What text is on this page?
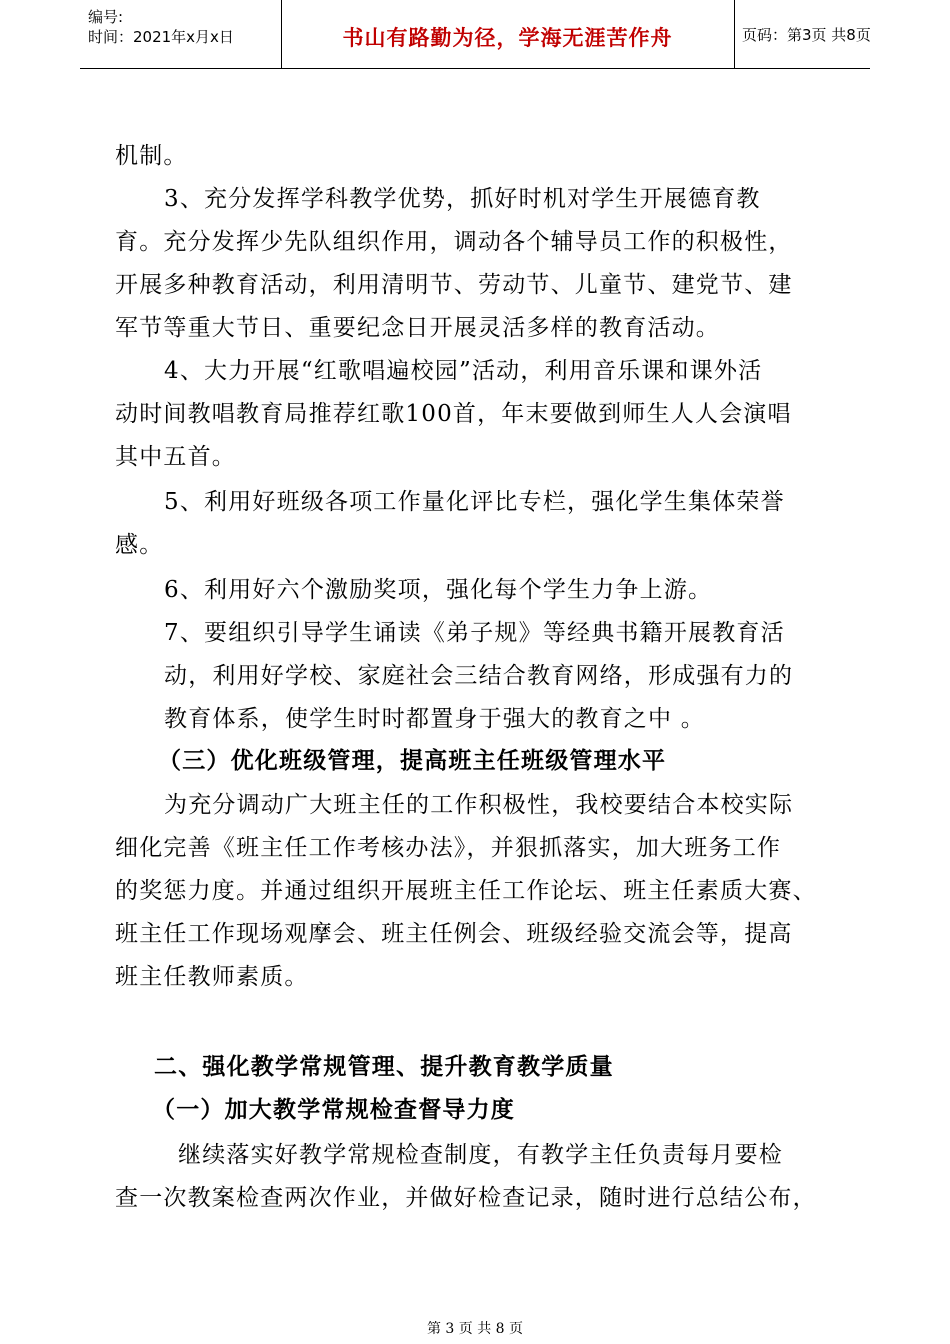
编号:
时间：2021年x月x日	书山有路勤为径，学海无涯苦作舟	页码：第3页 共8页
机制。
3、充分发挥学科教学优势，抓好时机对学生开展德育教
育。充分发挥少先队组织作用，调动各个辅导员工作的积极性，
开展多种教育活动，利用清明节、劳动节、儿童节、建党节、建
军节等重大节日、重要纪念日开展灵活多样的教育活动。
4、大力开展“红歌唱遍校园”活动，利用音乐课和课外活
动时间教唱教育局推荐红歌100首，年末要做到师生人人会演唱
其中五首。
5、利用好班级各项工作量化评比专栏，强化学生集体荣誉
感。
6、利用好六个激励奖项，强化每个学生力争上游。
7、要组织引导学生诵读《弟子规》等经典书籍开展教育活
动，利用好学校、家庭社会三结合教育网络，形成强有力的
教育体系，使学生时时都置身于强大的教育之中 。
（三）优化班级管理，提高班主任班级管理水平
为充分调动广大班主任的工作积极性，我校要结合本校实际
细化完善《班主任工作考核办法》，并狠抓落实，加大班务工作
的奖惩力度。并通过组织开展班主任工作论坛、班主任素质大赛、
班主任工作现场观摩会、班主任例会、班级经验交流会等，提高
班主任教师素质。
二、强化教学常规管理、提升教育教学质量
（一）加大教学常规检查督导力度
继续落实好教学常规检查制度，有教学主任负责每月要检
查一次教案检查两次作业，并做好检查记录，随时进行总结公布，
第 3 页 共 8 页
